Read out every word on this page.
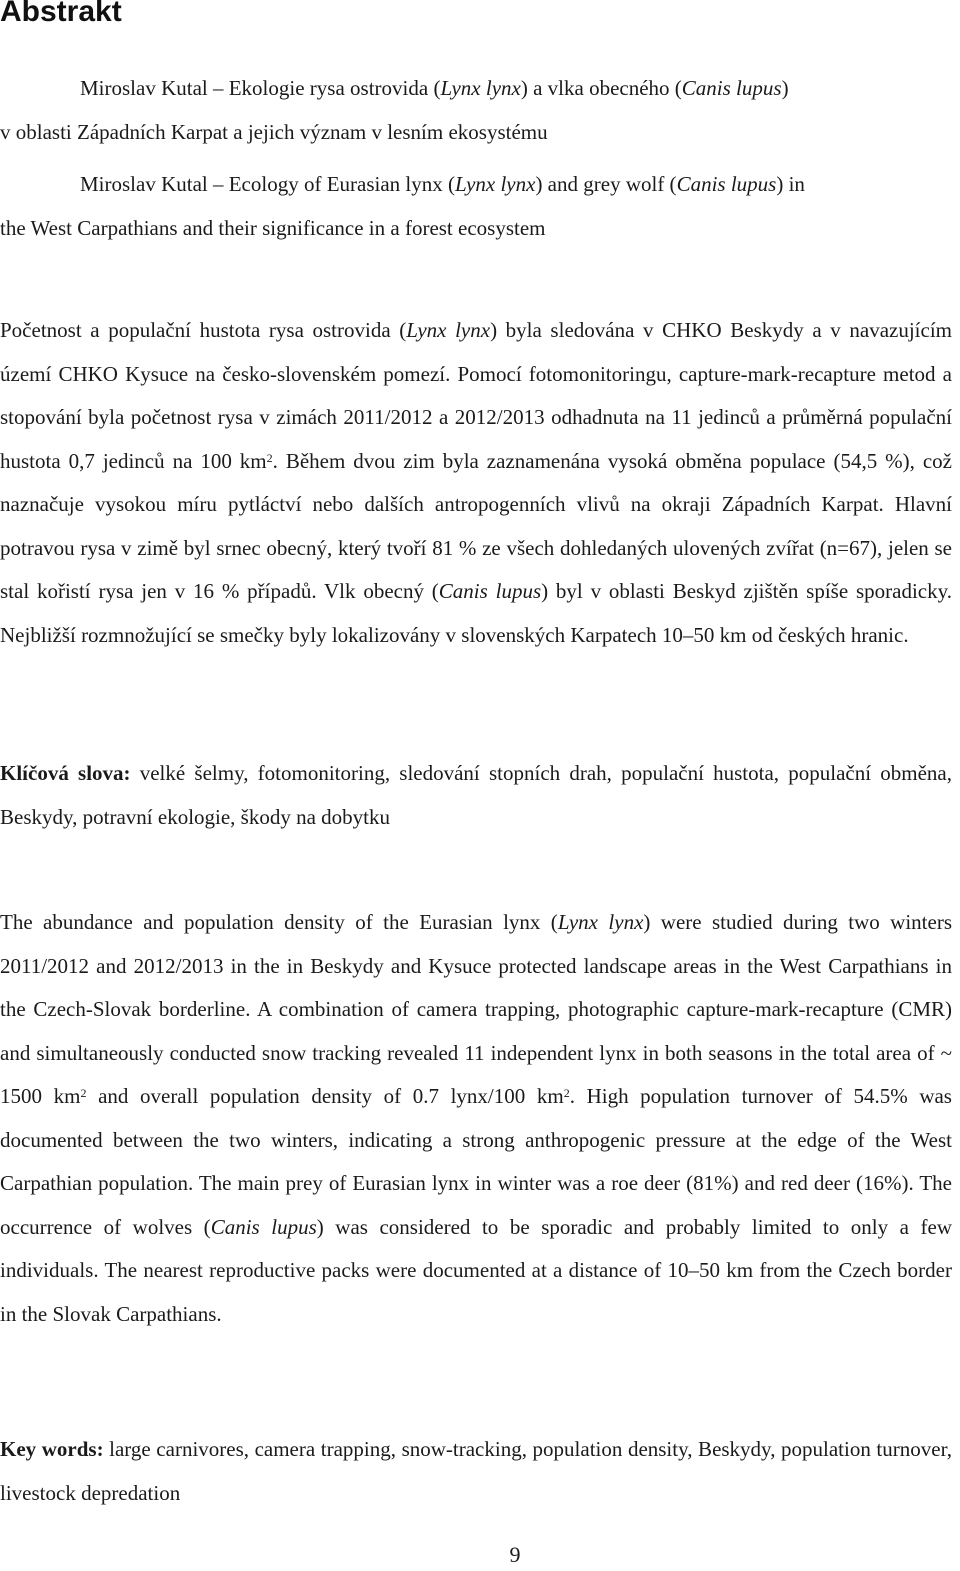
Abstrakt
Miroslav Kutal – Ekologie rysa ostrovida (Lynx lynx) a vlka obecného (Canis lupus)
v oblasti Západních Karpat a jejich význam v lesním ekosystému
Miroslav Kutal – Ecology of Eurasian lynx (Lynx lynx) and grey wolf (Canis lupus) in
the West Carpathians and their significance in a forest ecosystem

Početnost a populační hustota rysa ostrovida (Lynx lynx) byla sledována v CHKO Beskydy a v navazujícím území CHKO Kysuce na česko-slovenském pomezí. Pomocí fotomonitoringu, capture-mark-recapture metod a stopování byla početnost rysa v zimách 2011/2012 a 2012/2013 odhadnuta na 11 jedinců a průměrná populační hustota 0,7 jedinců na 100 $km^2$. Během dvou zim byla zaznamenána vysoká obměna populace (54,5 %), což naznačuje vysokou míru pytláctví nebo dalších antropogenních vlivů na okraji Západních Karpat. Hlavní potravou rysa v zimě byl srnec obecný, který tvoří 81 % ze všech dohledaných ulovených zvířat (n=67), jelen se stal kořistí rysa jen v 16 % případů. Vlk obecný (Canis lupus) byl v oblasti Beskyd zjištěn spíše sporadicky. Nejbližší rozmnožující se smečky byly lokalizovány v slovenských Karpatech 10–50 km od českých hranic.

Klíčová slova: velké šelmy, fotomonitoring, sledování stopních drah, populační hustota, populační obměna, Beskydy, potravní ekologie, škody na dobytku

The abundance and population density of the Eurasian lynx (Lynx lynx) were studied during two winters 2011/2012 and 2012/2013 in the in Beskydy and Kysuce protected landscape areas in the West Carpathians in the Czech-Slovak borderline. A combination of camera trapping, photographic capture-mark-recapture (CMR) and simultaneously conducted snow tracking revealed 11 independent lynx in both seasons in the total area of ~ 1500 $km^2$ and overall population density of 0.7 lynx/100 $km^2$. High population turnover of 54.5% was documented between the two winters, indicating a strong anthropogenic pressure at the edge of the West Carpathian population. The main prey of Eurasian lynx in winter was a roe deer (81%) and red deer (16%). The occurrence of wolves (Canis lupus) was considered to be sporadic and probably limited to only a few individuals. The nearest reproductive packs were documented at a distance of 10–50 km from the Czech border in the Slovak Carpathians.

Key words: large carnivores, camera trapping, snow-tracking, population density, Beskydy, population turnover, livestock depredation

9
